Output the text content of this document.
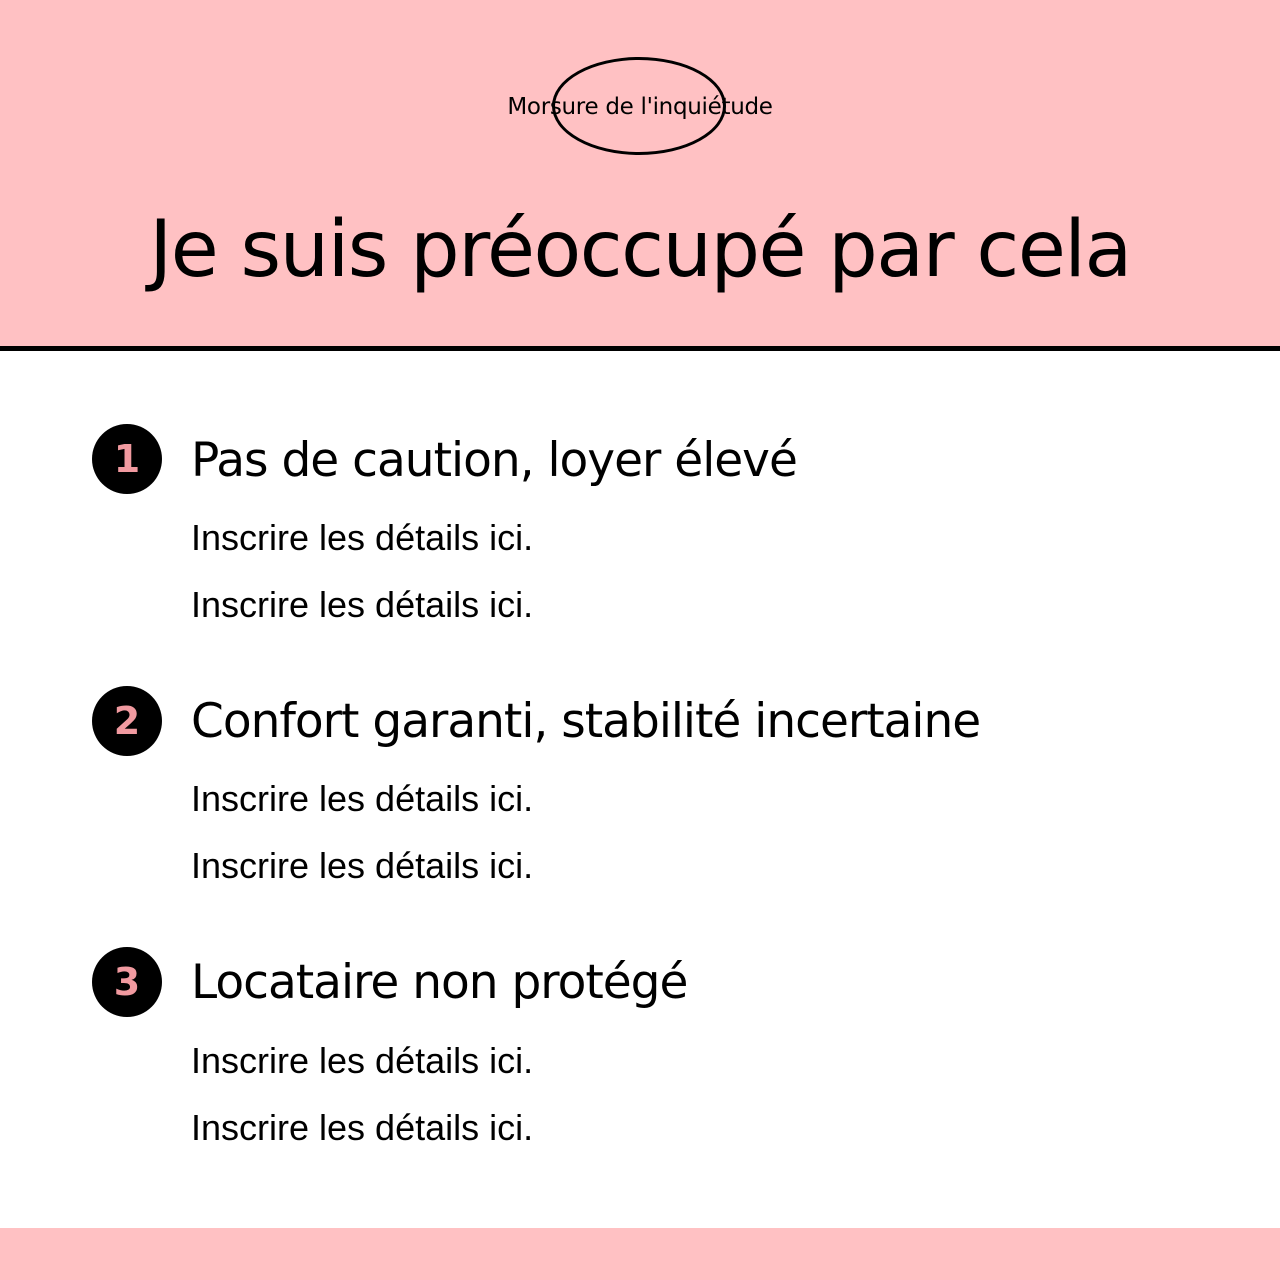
Morsure de l'inquiétude
Je suis préoccupé par cela
1	Pas de caution, loyer élevé
Inscrire les détails ici.
Inscrire les détails ici.
2	Confort garanti, stabilité incertaine
Inscrire les détails ici.
Inscrire les détails ici.
3	Locataire non protégé
Inscrire les détails ici.
Inscrire les détails ici.
